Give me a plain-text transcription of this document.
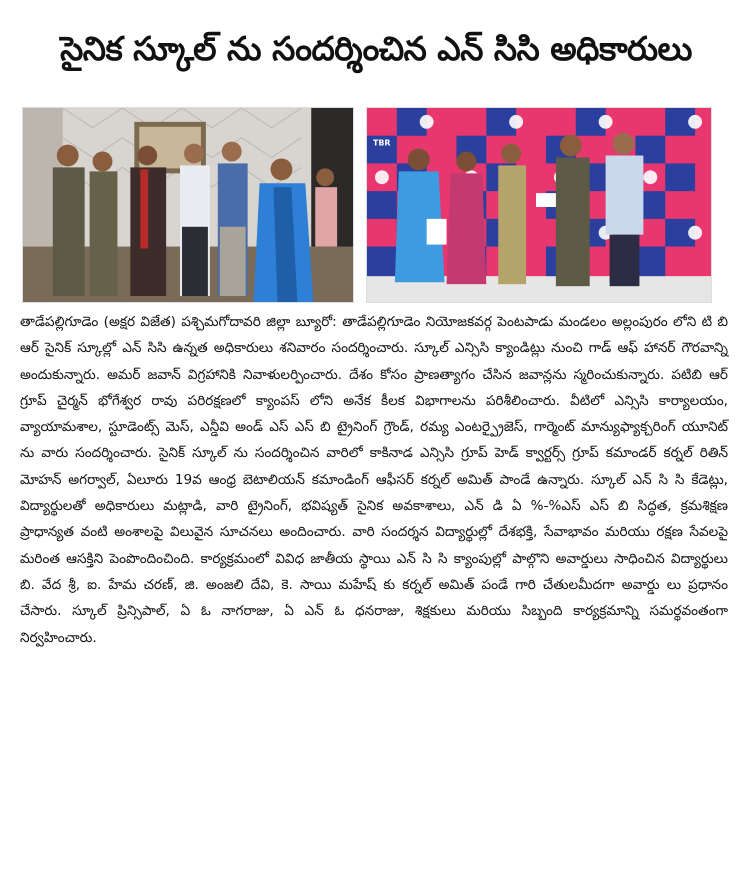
సైనిక స్కూల్ ను సందర్శించిన ఎన్ సిసి అధికారులు
TBR
తాడేపల్లిగూడెం (అక్షర విజేత) పశ్చిమగోదావరి జిల్లా బ్యూరో: తాడేపల్లిగూడెం నియోజకవర్గ పెంటపాడు మండలం అల్లంపురం లోని టి బి ఆర్ సైనిక్ స్కూల్లో ఎన్ సిసి ఉన్నత అధికారులు శనివారం సందర్శించారు. స్కూల్ ఎన్సిసి క్యాండిట్లు నుంచి గాడ్ ఆఫ్ హానర్ గౌరవాన్ని అందుకున్నారు. అమర్ జవాన్ విగ్రహానికి నివాళులర్పించారు. దేశం కోసం ప్రాణత్యాగం చేసిన జవాన్లను స్మరించుకున్నారు. పటిబి ఆర్ గ్రూప్ చైర్మన్ భోగేశ్వర రావు పరిరక్షణలో క్యాంపస్ లోని అనేక కీలక విభాగాలను పరిశీలించారు. వీటిలో ఎన్సిసి కార్యాలయం, వ్యాయామశాల, స్టూడెంట్స్ మెస్, ఎన్డీవి అండ్ ఎస్ ఎస్ బి ట్రైనింగ్ గ్రౌండ్, రమ్య ఎంటర్ప్రైజెస్, గార్మెంట్ మాన్యుఫ్యాక్చరింగ్ యూనిట్ ను వారు సందర్శించారు. సైనిక్ స్కూల్ ను సందర్శించిన వారిలో కాకినాడ ఎన్సిసి గ్రూప్ హెడ్ క్వార్టర్స్ గ్రూప్ కమాండర్ కర్నల్ రితిన్ మోహన్ అగర్వాల్, ఏలూరు 19వ ఆంధ్ర బెటాలియన్ కమాండింగ్ ఆఫీసర్ కర్నల్ అమిత్ పాండే ఉన్నారు. స్కూల్ ఎన్ సి సి కేడెట్లు, విద్యార్థులతో అధికారులు మట్లాడి, వారి ట్రైనింగ్, భవిష్యత్ సైనిక అవకాశాలు, ఎన్ డి ఏ %-%ఎస్ ఎస్ బి సిద్ధత, క్రమశిక్షణ ప్రాధాన్యత వంటి అంశాలపై విలువైన సూచనలు అందించారు. వారి సందర్శన విద్యార్థుల్లో దేశభక్తి, సేవాభావం మరియు రక్షణ సేవలపై మరింత ఆసక్తిని పెంపొందించింది. కార్యక్రమంలో వివిధ జాతీయ స్థాయి ఎన్ సి సి క్యాంపుల్లో పాల్గొని అవార్డులు సాధించిన విద్యార్థులు బి. వేద శ్రీ, ఐ. హేమ చరణ్, జి. అంజలి దేవి, కె. సాయి మహేష్ కు కర్నల్ అమిత్ పండే గారి చేతులమీదగా అవార్డు లు ప్రధానం చేసారు. స్కూల్ ప్రిన్సిపాల్, ఏ ఓ నాగరాజు, ఏ ఎన్ ఓ ధనరాజు, శిక్షకులు మరియు సిబ్బంది కార్యక్రమాన్ని సమర్థవంతంగా నిర్వహించారు.
